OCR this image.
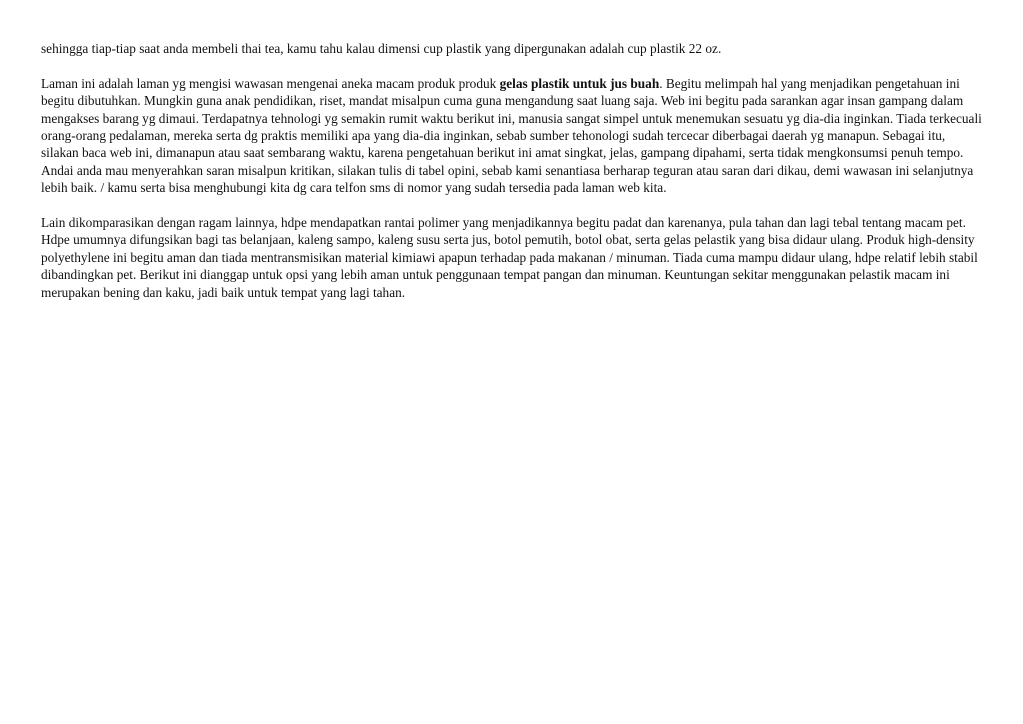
sehingga tiap-tiap saat anda membeli thai tea, kamu tahu kalau dimensi cup plastik yang dipergunakan adalah cup plastik 22 oz.

Laman ini adalah laman yg mengisi wawasan mengenai aneka macam produk produk gelas plastik untuk jus buah. Begitu melimpah hal yang menjadikan pengetahuan ini begitu dibutuhkan. Mungkin guna anak pendidikan, riset, mandat misalpun cuma guna mengandung saat luang saja. Web ini begitu pada sarankan agar insan gampang dalam mengakses barang yg dimaui. Terdapatnya tehnologi yg semakin rumit waktu berikut ini, manusia sangat simpel untuk menemukan sesuatu yg dia-dia inginkan. Tiada terkecuali orang-orang pedalaman, mereka serta dg praktis memiliki apa yang dia-dia inginkan, sebab sumber tehonologi sudah tercecar diberbagai daerah yg manapun. Sebagai itu, silakan baca web ini, dimanapun atau saat sembarang waktu, karena pengetahuan berikut ini amat singkat, jelas, gampang dipahami, serta tidak mengkonsumsi penuh tempo. Andai anda mau menyerahkan saran misalpun kritikan, silakan tulis di tabel opini, sebab kami senantiasa berharap teguran atau saran dari dikau, demi wawasan ini selanjutnya lebih baik. / kamu serta bisa menghubungi kita dg cara telfon sms di nomor yang sudah tersedia pada laman web kita.

Lain dikomparasikan dengan ragam lainnya, hdpe mendapatkan rantai polimer yang menjadikannya begitu padat dan karenanya, pula tahan dan lagi tebal tentang macam pet. Hdpe umumnya difungsikan bagi tas belanjaan, kaleng sampo, kaleng susu serta jus, botol pemutih, botol obat, serta gelas pelastik yang bisa didaur ulang. Produk high-density polyethylene ini begitu aman dan tiada mentransmisikan material kimiawi apapun terhadap pada makanan / minuman. Tiada cuma mampu didaur ulang, hdpe relatif lebih stabil dibandingkan pet. Berikut ini dianggap untuk opsi yang lebih aman untuk penggunaan tempat pangan dan minuman. Keuntungan sekitar menggunakan pelastik macam ini merupakan bening dan kaku, jadi baik untuk tempat yang lagi tahan.
